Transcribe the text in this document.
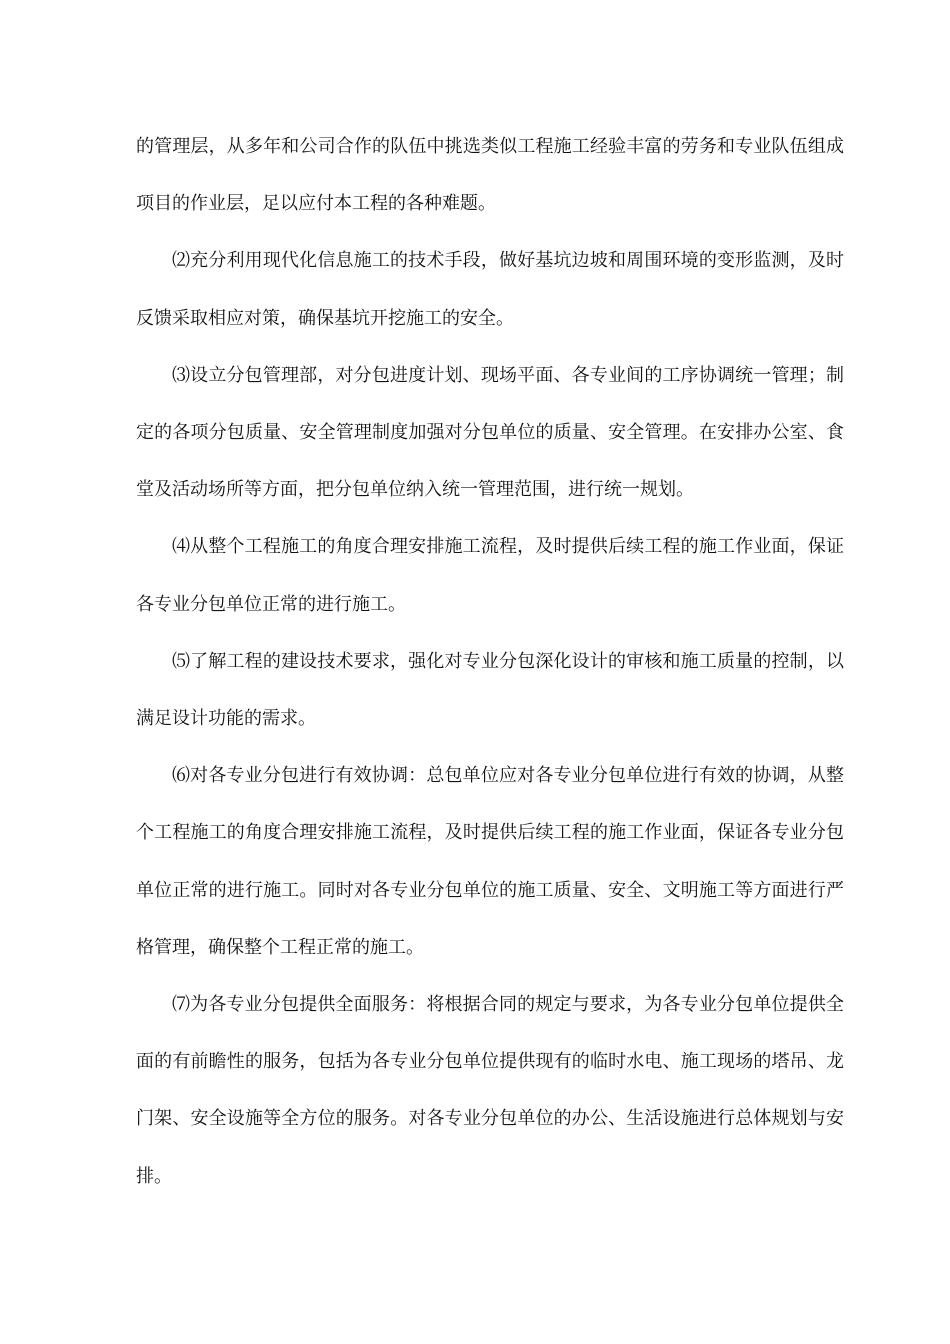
的管理层，从多年和公司合作的队伍中挑选类似工程施工经验丰富的劳务和专业队伍组成项目的作业层，足以应付本工程的各种难题。

⑵充分利用现代化信息施工的技术手段，做好基坑边坡和周围环境的变形监测，及时反馈采取相应对策，确保基坑开挖施工的安全。

⑶设立分包管理部，对分包进度计划、现场平面、各专业间的工序协调统一管理；制定的各项分包质量、安全管理制度加强对分包单位的质量、安全管理。在安排办公室、食堂及活动场所等方面，把分包单位纳入统一管理范围，进行统一规划。

⑷从整个工程施工的角度合理安排施工流程，及时提供后续工程的施工作业面，保证各专业分包单位正常的进行施工。

⑸了解工程的建设技术要求，强化对专业分包深化设计的审核和施工质量的控制，以满足设计功能的需求。

⑹对各专业分包进行有效协调：总包单位应对各专业分包单位进行有效的协调，从整个工程施工的角度合理安排施工流程，及时提供后续工程的施工作业面，保证各专业分包单位正常的进行施工。同时对各专业分包单位的施工质量、安全、文明施工等方面进行严格管理，确保整个工程正常的施工。

⑺为各专业分包提供全面服务：将根据合同的规定与要求，为各专业分包单位提供全面的有前瞻性的服务，包括为各专业分包单位提供现有的临时水电、施工现场的塔吊、龙门架、安全设施等全方位的服务。对各专业分包单位的办公、生活设施进行总体规划与安排。
